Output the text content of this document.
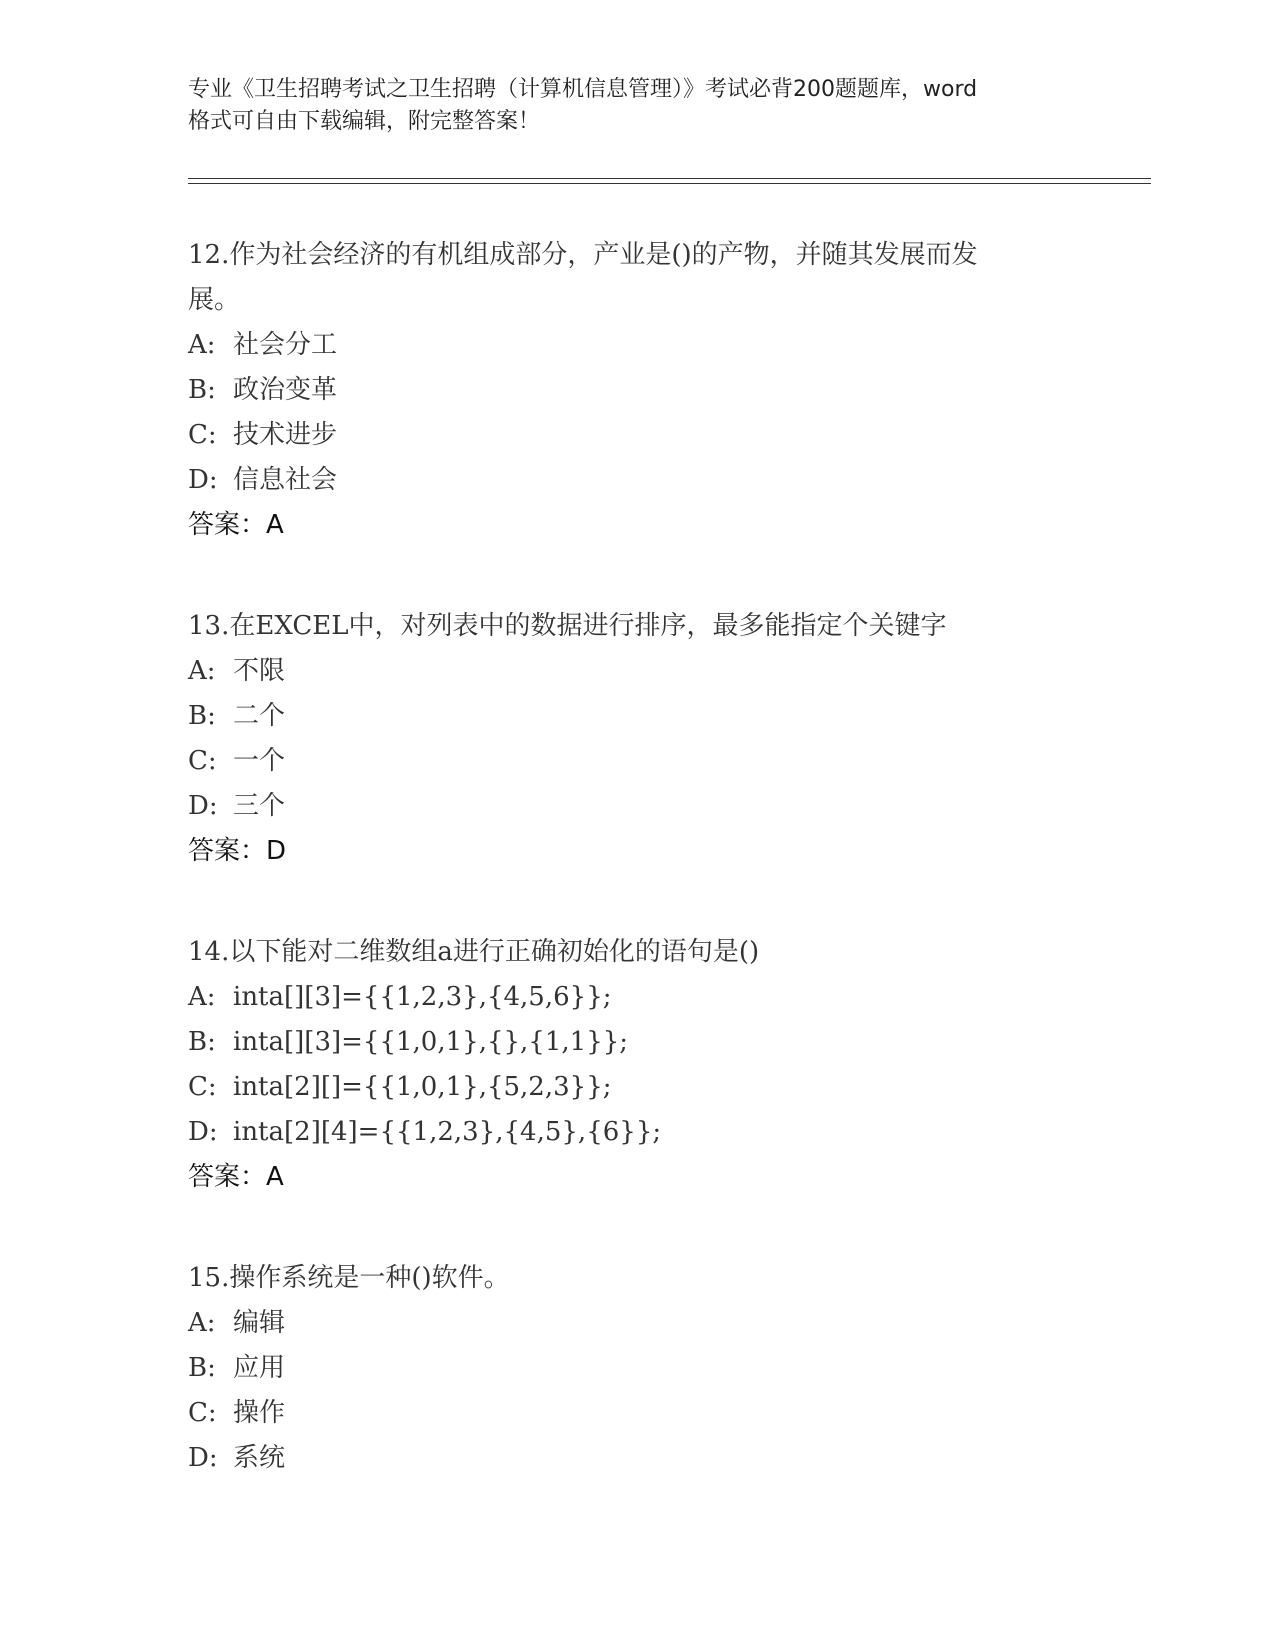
专业《卫生招聘考试之卫生招聘（计算机信息管理）》考试必背200题题库，word
格式可自由下载编辑，附完整答案！

12.作为社会经济的有机组成部分，产业是()的产物，并随其发展而发
展。

A: 社会分工
B: 政治变革
C: 技术进步
D: 信息社会
答案：A

13.在EXCEL中，对列表中的数据进行排序，最多能指定个关键字

A: 不限
B: 二个
C: 一个
D: 三个
答案：D

14.以下能对二维数组a进行正确初始化的语句是()

A: inta[][3]={{1,2,3},{4,5,6}};
B: inta[][3]={{1,0,1},{},{1,1}};
C: inta[2][]={{1,0,1},{5,2,3}};
D: inta[2][4]={{1,2,3},{4,5},{6}};
答案：A

15.操作系统是一种()软件。

A: 编辑
B: 应用
C: 操作
D: 系统
